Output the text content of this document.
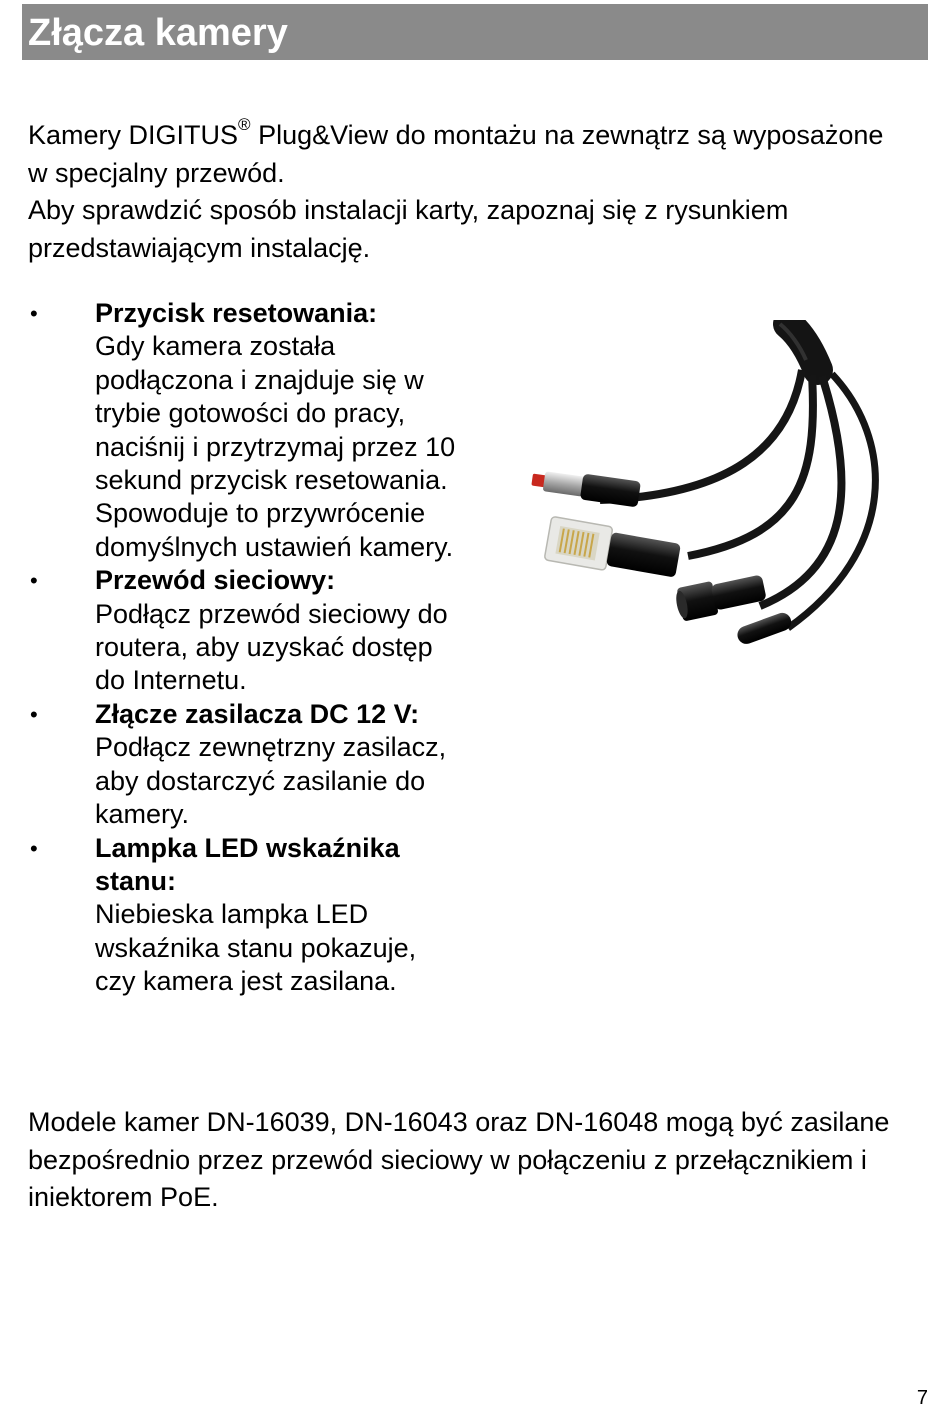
Złącza kamery

Kamery DIGITUS® Plug&View do montażu na zewnątrz są wyposażone w specjalny przewód.

Aby sprawdzić sposób instalacji karty, zapoznaj się z rysunkiem przedstawiającym instalację.

• Przycisk resetowania:
Gdy kamera została podłączona i znajduje się w trybie gotowości do pracy, naciśnij i przytrzymaj przez 10 sekund przycisk resetowania. Spowoduje to przywrócenie domyślnych ustawień kamery.
• Przewód sieciowy:
Podłącz przewód sieciowy do routera, aby uzyskać dostęp do Internetu.
• Złącze zasilacza DC 12 V:
Podłącz zewnętrzny zasilacz, aby dostarczyć zasilanie do kamery.
• Lampka LED wskaźnika stanu:
Niebieska lampka LED wskaźnika stanu pokazuje, czy kamera jest zasilana.

Modele kamer DN-16039, DN-16043 oraz DN-16048 mogą być zasilane bezpośrednio przez przewód sieciowy w połączeniu z przełącznikiem i iniektorem PoE.

7
